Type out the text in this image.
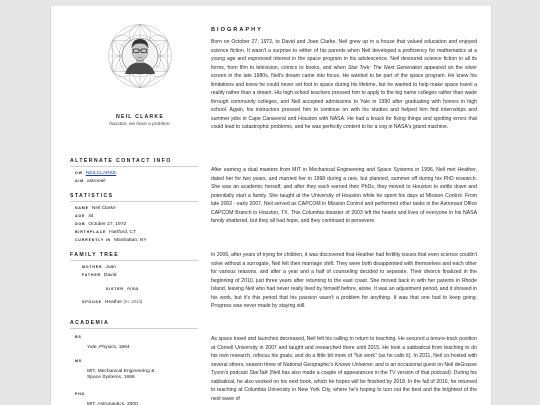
NEIL CLARKE
houston, we have a problem.
ALTERNATE CONTACT INFO
OW NEILCLARKE
AIM astroneil
STATISTICS
NAME Neil Clarke
AGE 44
DOB October 27, 1972
BIRTHPLACE Hartford, CT
CURRENTLY IN Manhattan, NY
FAMILY TREE
MOTHER Joan
FATHER David
SISTER Anna
SPOUSE Heather (m. 2013)
ACADEMIA
BS
Yale, Physics, 1994
MS
MIT, Mechanical Engineering & Space Systems, 1996
PHD
MIT, Astronautics, 2000
BIOGRAPHY

Born on October 27, 1972, to David and Joan Clarke, Neil grew up in a house that valued education and enjoyed science fiction. It wasn't a surprise to either of his parents when Neil developed a proficiency for mathematics at a young age and expressed interest in the space program in his adolescence. Neil devoured science fiction in all its forms, from film to television, comics to books, and when Star Trek: The Next Generation appeared on the silver screen in the late 1980s, Neil's dream came into focus. He wanted to be part of the space program. He knew his limitations and knew he could never set foot in space during his lifetime, but he wanted to help make space travel a reality rather than a dream. His high school teachers pressed him to apply to the big name colleges rather than wade through community colleges, and Neil accepted admissions to Yale in 1990 after graduating with honors in high school. Again, his instructors pressed him to continue on with his studies and helped him find internships and summer jobs in Cape Canaveral and Houston with NASA. He had a knack for fixing things and spotting errors that could lead to catastrophic problems, and he was perfectly content to be a cog in NASA's grand machine.

After earning a dual masters from MIT in Mechanical Engineering and Space Systems in 1996, Neil met Heather, dated her for two years, and married her in 1998 during a rare, but planned, summer off during his PhD research. She was an academic herself, and after they each earned their PhDs, they moved to Houston to settle down and potentially start a family. She taught at the University of Houston while he spent his days at Mission Control. From late 2002 - early 2007, Neil served as CAPCOM in Mission Control and performed other tasks in the Astronaut Office CAPCOM Branch in Houston, TX. This Columbia disaster of 2003 left the hearts and lives of everyone in his NASA family shattered, but they all had hope, and they continued to persevere.

In 2006, after years of trying for children, it was discovered that Heather had fertility issues that even science couldn't solve without a surrogate, Neil felt their marriage shift. They were both disappointed with themselves and each other for various reasons, and after a year and a half of counseling decided to separate. Their divorce finalized in the beginning of 2010, just three years after returning to the east coast. She moved back in with her parents in Rhode Island, leaving Neil who had never really lived by himself before, alone. It was an adjustment period, and it showed in his work, but it's this period that his passion wasn't a problem for anything. It was that one had to keep going. Progress was never made by staying still.

As space travel and launches decreased, Neil felt his calling to return to teaching. He secured a tenure-track position at Cornell University in 2007 and taught and researched there until 2015. He took a sabbatical from teaching to do his own research, refocus his goals, and do a little bit more of "fun work" (as he calls it). In 2011, Neil co-hosted with several others, season three of National Geographic's Known Universe; and is an occasional guest on Neil deGrasse Tyson's podcast StarTalk (Neil has also made a couple of appearances in the TV version of that podcast). During his sabbatical, he also worked on his next book, which he hopes will be finished by 2018. In the fall of 2016, he returned to teaching at Columbia University in New York City, where he's hoping to turn out the best and the brightest of the next wave of
